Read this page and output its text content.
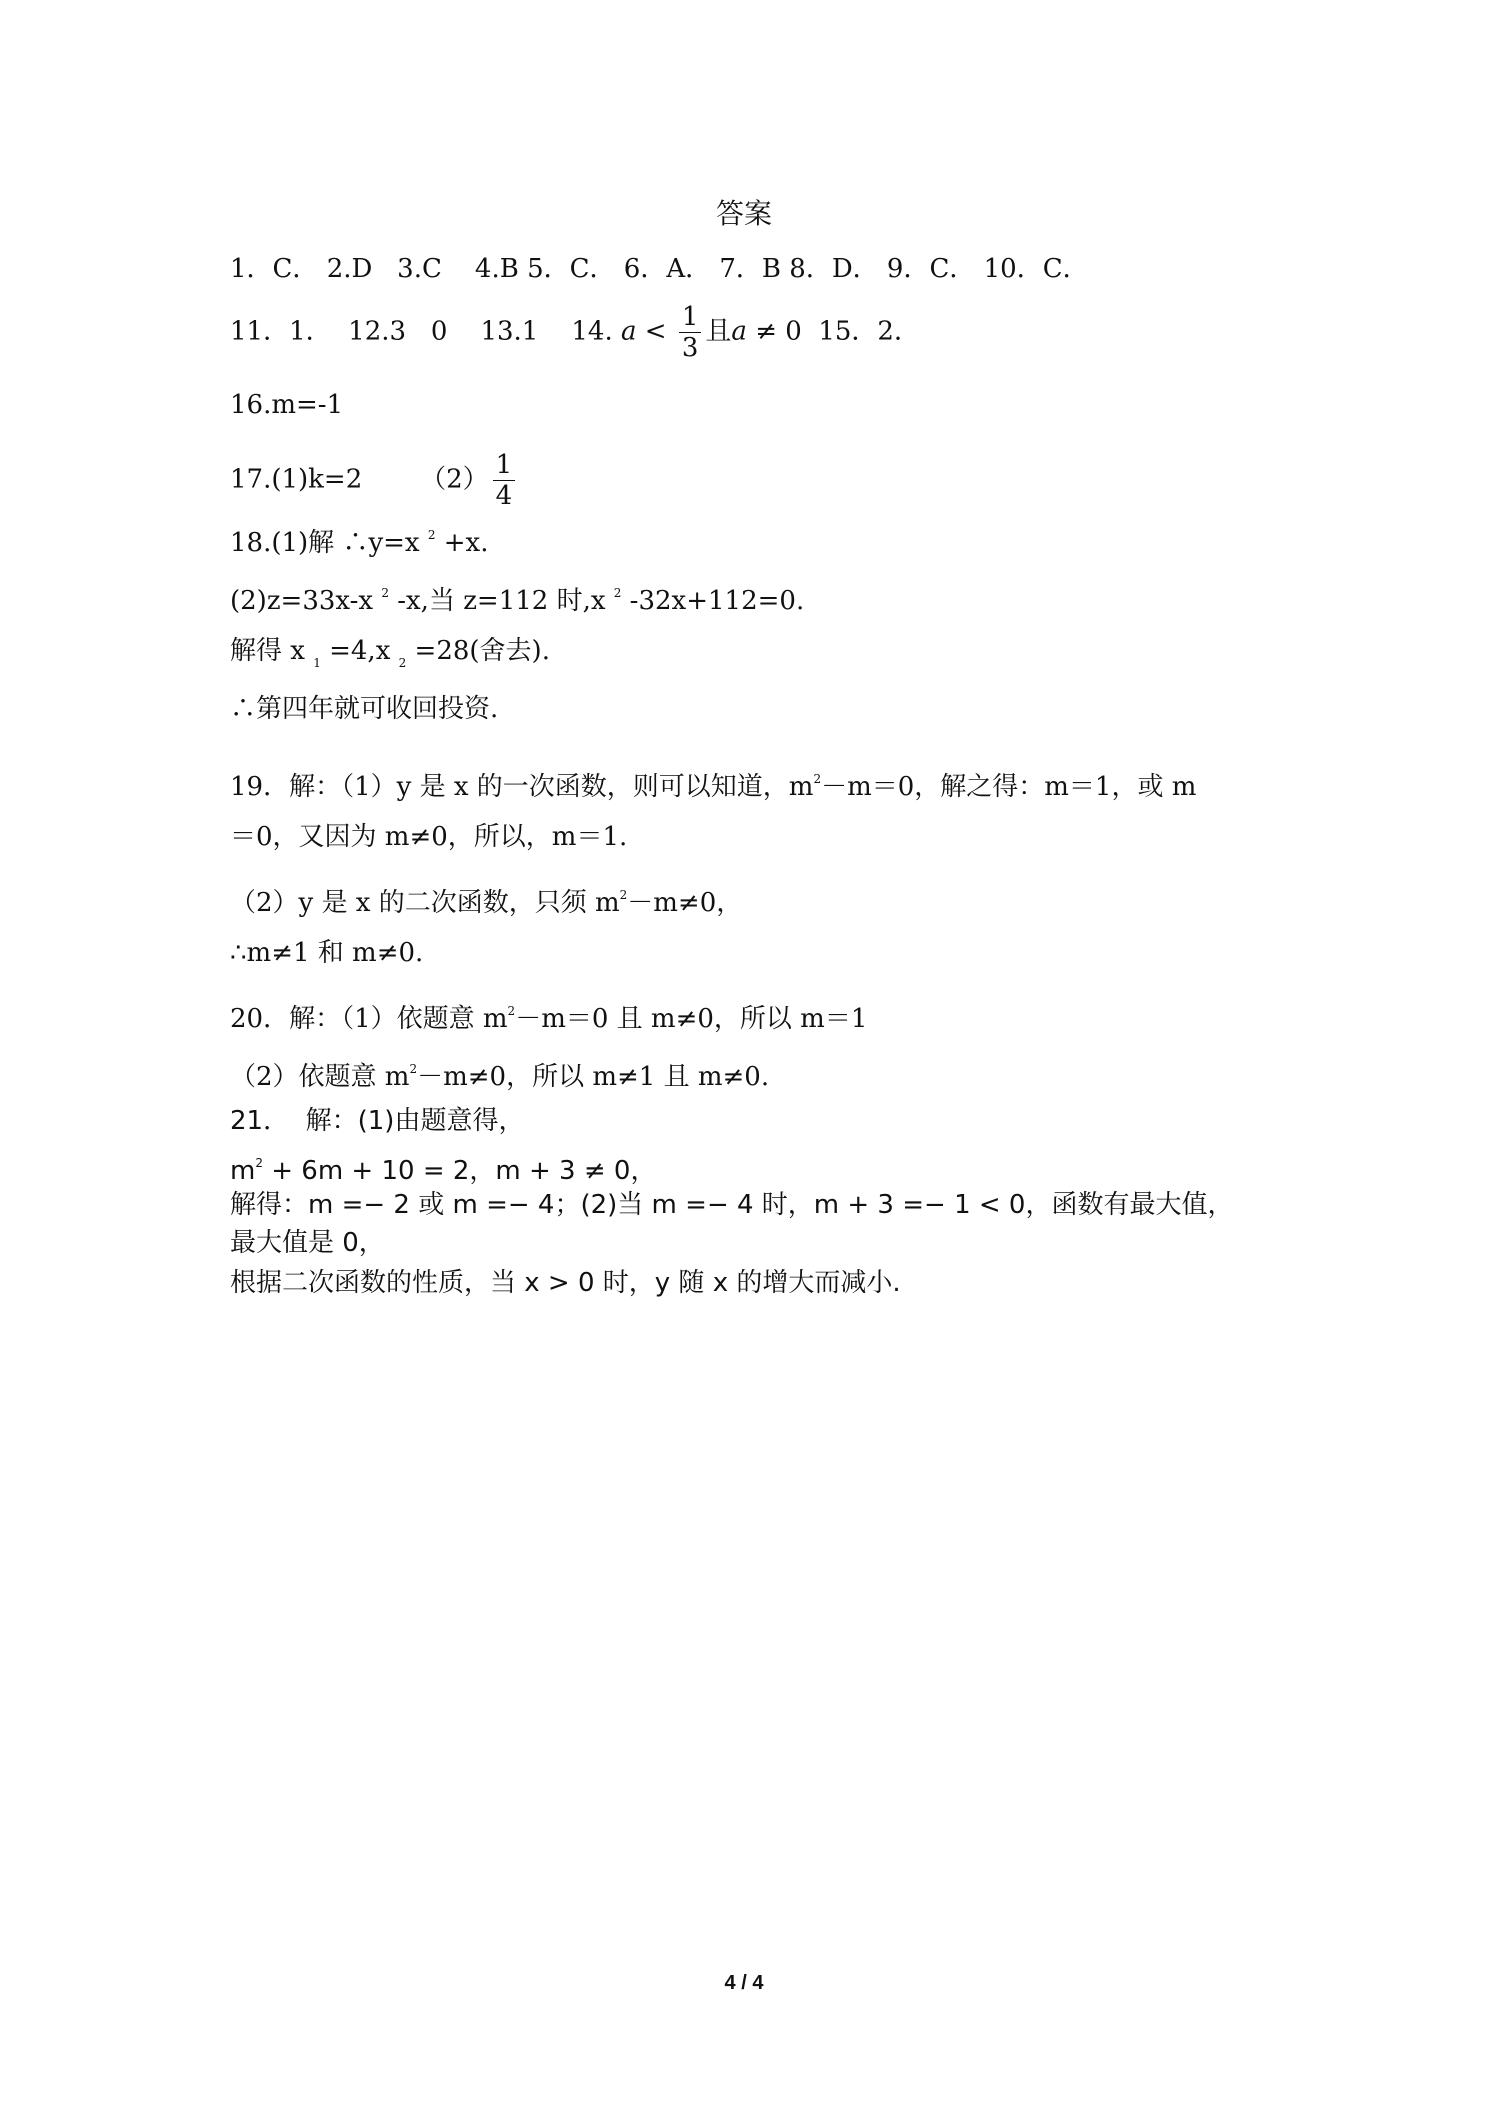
答案
1．C． 2.D   3.C    4.B 5．C． 6．A． 7．B 8．D． 9．C． 10．C．
11．1．  12.3   0    13.1    14. $a < \frac{1}{3}$ 且a ≠ 0  15．2．
16.m=-1
17.(1)k=2       $(2) \frac{1}{4}$
18.(1)解 ∴y=x $^2$ +x.
(2)z=33x-x $^2$ -x,当 z=112 时,x $^2$ -32x+112=0.
解得 x $_1$ =4,x $_2$ =28(舍去).
∴第四年就可收回投资.
19．解：（1）y 是 x 的一次函数，则可以知道，$m^2-m=0$，解之得：m＝1，或 m
＝0，又因为 m≠0，所以，m＝1.
（2）y 是 x 的二次函数，只须 $m^2-m\ne 0$，
∴m≠1 和 m≠0.
20．解：（1）依题意 $m^2-m=0$ 且 m≠0，所以 m＝1
（2）依题意 $m^2-m\ne 0$，所以 m≠1 且 m≠0.
21．  解：(1)由题意得，
$m^2 + 6m + 10 = 2$，m + 3 ≠ 0，
解得：m =− 2 或 m =− 4；(2)当 m =− 4 时，m + 3 =− 1 < 0，函数有最大值，
最大值是 0，
根据二次函数的性质，当 x > 0 时，y 随 x 的增大而减小.
4 / 4
